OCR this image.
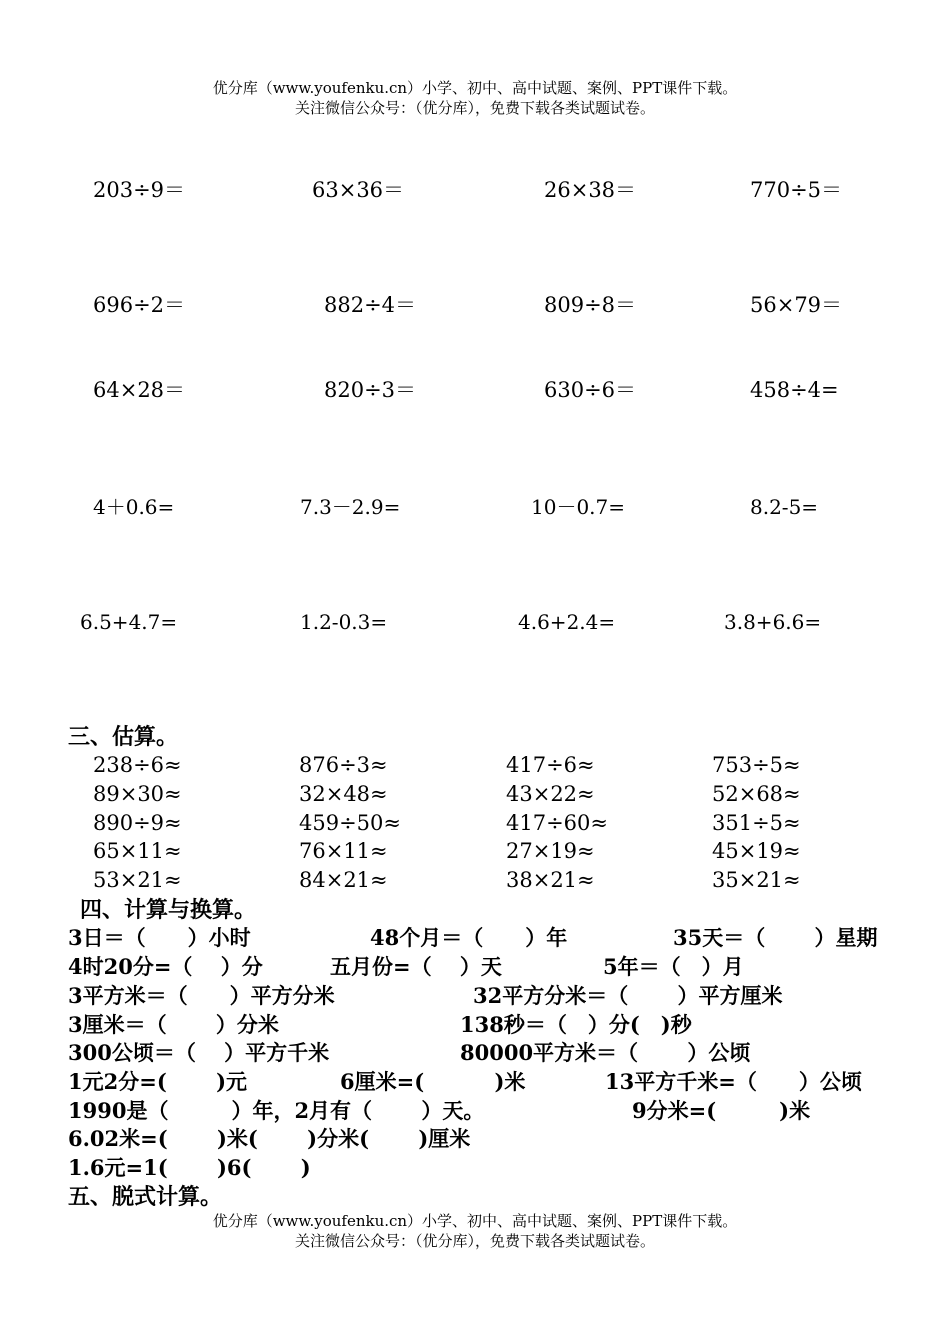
优分库（www.youfenku.cn）小学、初中、高中试题、案例、PPT课件下载。
关注微信公众号：（优分库），免费下载各类试题试卷。
203÷9＝	63×36＝	26×38＝	770÷5＝
696÷2＝	882÷4＝	809÷8＝	56×79＝
64×28＝	820÷3＝	630÷6＝	458÷4=
4＋0.6=	7.3－2.9=	10－0.7=	8.2-5=
6.5+4.7=	1.2-0.3=	4.6+2.4=	3.8+6.6=
三、估算。
238÷6≈	876÷3≈	417÷6≈	753÷5≈
89×30≈	32×48≈	43×22≈	52×68≈
890÷9≈	459÷50≈	417÷60≈	351÷5≈
65×11≈	76×11≈	27×19≈	45×19≈
53×21≈	84×21≈	38×21≈	35×21≈
四、计算与换算。
3日＝（　　）小时	48个月＝（　　）年	35天＝（　　 ）星期
4时20分=（　 ）分	五月份=（　 ）天	5年＝（　）月
3平方米＝（　　）平方分米	32平方分米＝（　　 ）平方厘米
3厘米＝（　　 ）分米	138秒＝（　）分(　)秒
300公顷＝（　 ）平方千米	80000平方米＝（　　 ）公顷
1元2分=(　　 )元	6厘米=(　　　 )米	13平方千米=（　　）公顷
1990是（　　　）年，2月有（　　 ）天。	9分米=(　　　)米
6.02米=(　　 )米(　　 )分米(　　 )厘米
1.6元=1(　　 )6(　　 )
五、脱式计算。
优分库（www.youfenku.cn）小学、初中、高中试题、案例、PPT课件下载。
关注微信公众号：（优分库），免费下载各类试题试卷。
